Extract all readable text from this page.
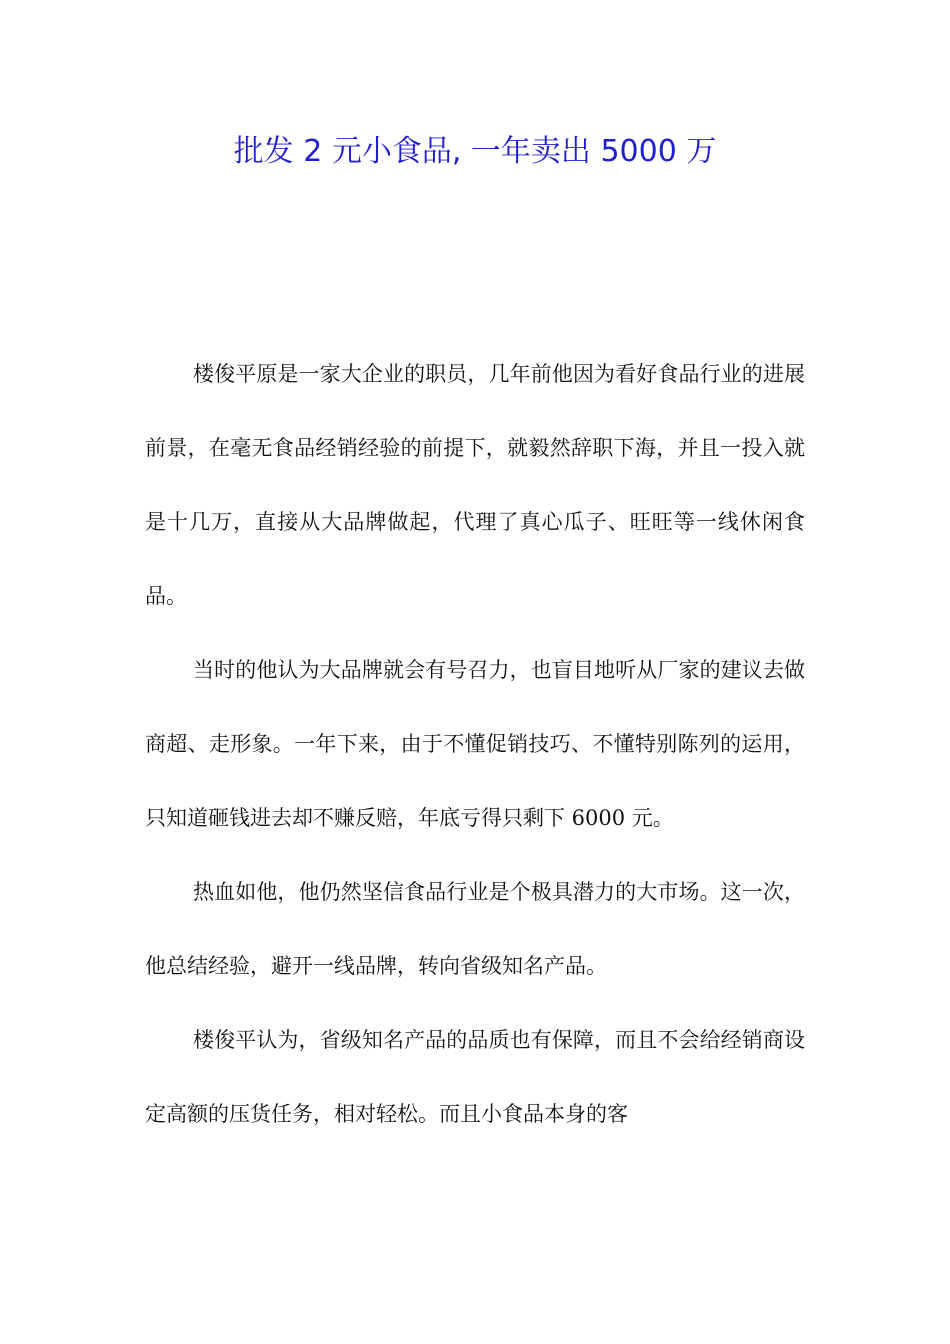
批发 2 元小食品, 一年卖出 5000 万

楼俊平原是一家大企业的职员，几年前他因为看好食品行业的进展前景，在毫无食品经销经验的前提下，就毅然辞职下海，并且一投入就是十几万，直接从大品牌做起，代理了真心瓜子、旺旺等一线休闲食品。

当时的他认为大品牌就会有号召力，也盲目地听从厂家的建议去做商超、走形象。一年下来，由于不懂促销技巧、不懂特别陈列的运用，只知道砸钱进去却不赚反赔，年底亏得只剩下 6000 元。

热血如他，他仍然坚信食品行业是个极具潜力的大市场。这一次，他总结经验，避开一线品牌，转向省级知名产品。

楼俊平认为，省级知名产品的品质也有保障，而且不会给经销商设定高额的压货任务，相对轻松。而且小食品本身的客
